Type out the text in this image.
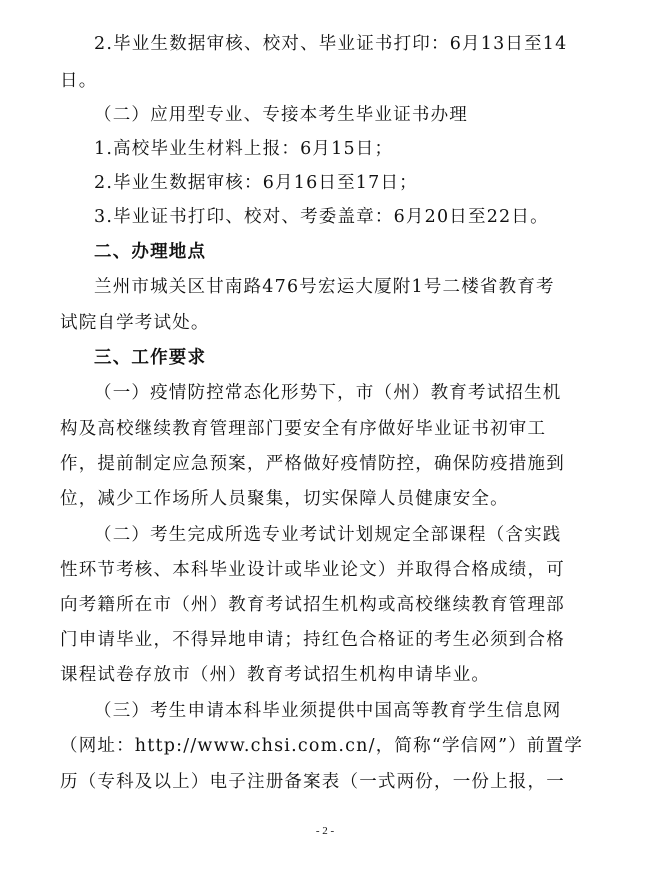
2.毕业生数据审核、校对、毕业证书打印：6月13日至14
日。
（二）应用型专业、专接本考生毕业证书办理
1.高校毕业生材料上报：6月15日；
2.毕业生数据审核：6月16日至17日；
3.毕业证书打印、校对、考委盖章：6月20日至22日。
二、办理地点
兰州市城关区甘南路476号宏运大厦附1号二楼省教育考
试院自学考试处。
三、工作要求
（一）疫情防控常态化形势下，市（州）教育考试招生机
构及高校继续教育管理部门要安全有序做好毕业证书初审工
作，提前制定应急预案，严格做好疫情防控，确保防疫措施到
位，减少工作场所人员聚集，切实保障人员健康安全。
（二）考生完成所选专业考试计划规定全部课程（含实践
性环节考核、本科毕业设计或毕业论文）并取得合格成绩，可
向考籍所在市（州）教育考试招生机构或高校继续教育管理部
门申请毕业，不得异地申请；持红色合格证的考生必须到合格
课程试卷存放市（州）教育考试招生机构申请毕业。
（三）考生申请本科毕业须提供中国高等教育学生信息网
（网址：http://www.chsi.com.cn/，简称“学信网”）前置学
历（专科及以上）电子注册备案表（一式两份，一份上报，一
- 2 -
